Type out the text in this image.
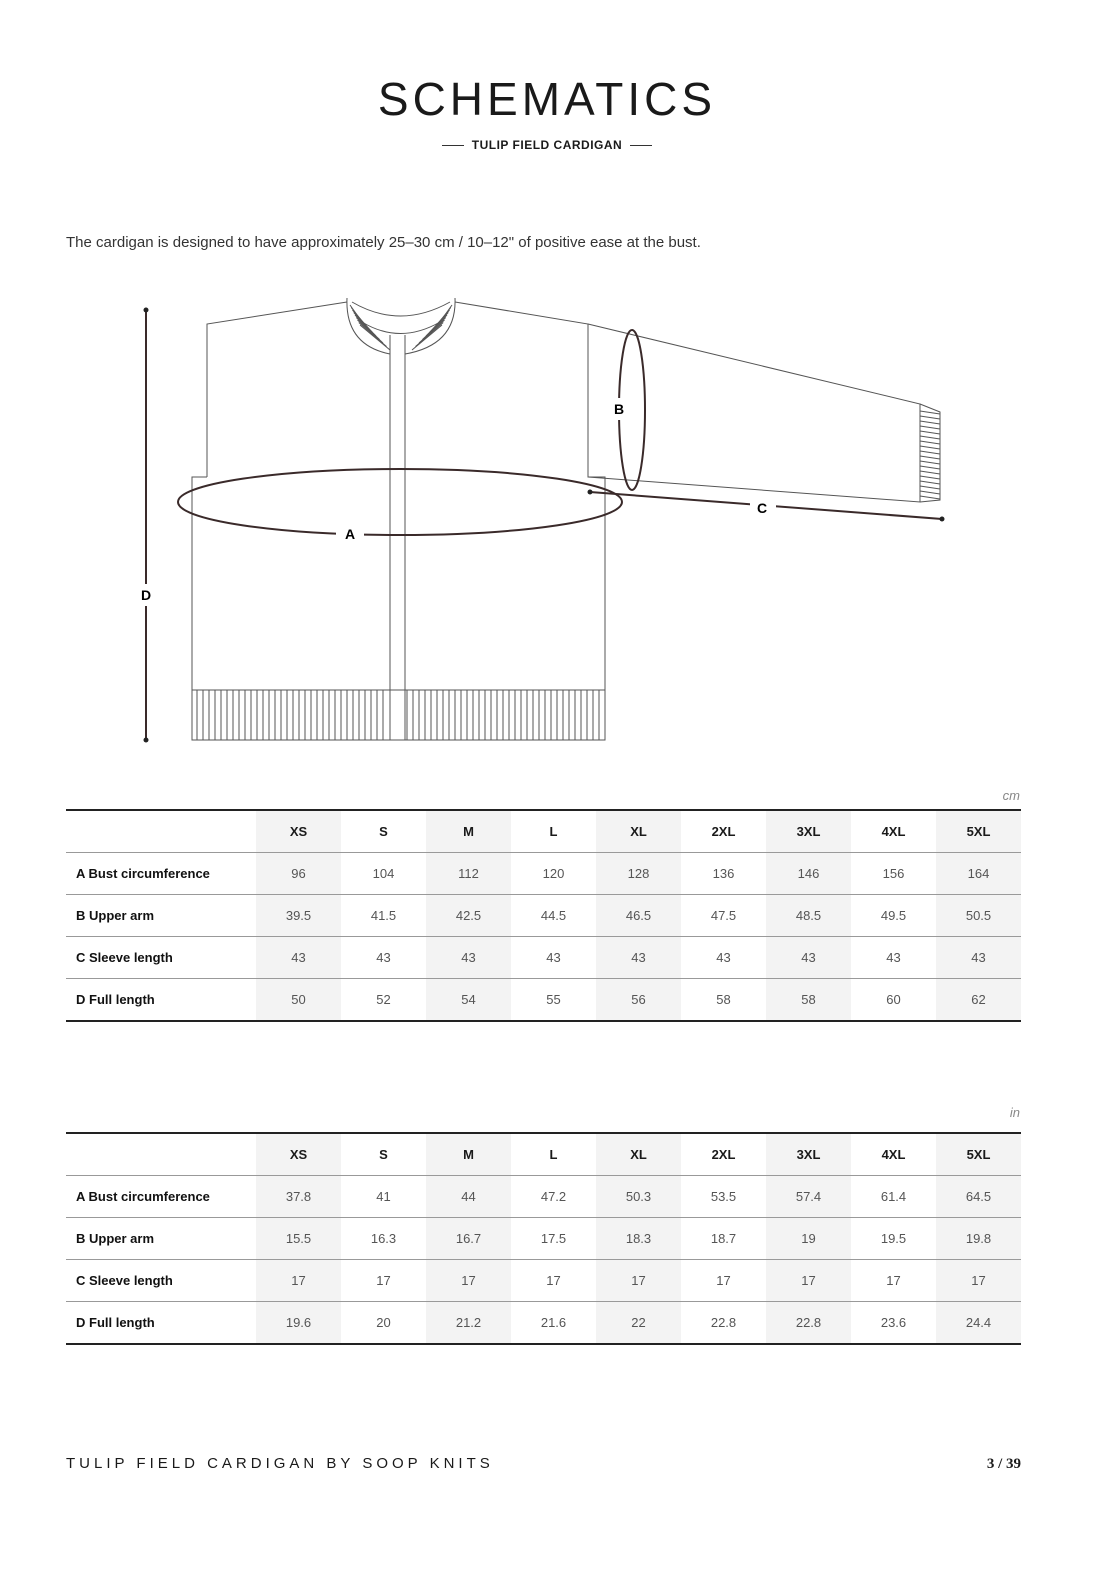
SCHEMATICS
TULIP FIELD CARDIGAN
The cardigan is designed to have approximately 25–30 cm / 10–12" of positive ease at the bust.
A
B
C
D
cm
	XS	S	M	L	XL	2XL	3XL	4XL	5XL
A Bust circumference	96	104	112	120	128	136	146	156	164
B Upper arm	39.5	41.5	42.5	44.5	46.5	47.5	48.5	49.5	50.5
C Sleeve length	43	43	43	43	43	43	43	43	43
D Full length	50	52	54	55	56	58	58	60	62
in
	XS	S	M	L	XL	2XL	3XL	4XL	5XL
A Bust circumference	37.8	41	44	47.2	50.3	53.5	57.4	61.4	64.5
B Upper arm	15.5	16.3	16.7	17.5	18.3	18.7	19	19.5	19.8
C Sleeve length	17	17	17	17	17	17	17	17	17
D Full length	19.6	20	21.2	21.6	22	22.8	22.8	23.6	24.4
TULIP FIELD CARDIGAN BY SOOP KNITS	3 / 39
